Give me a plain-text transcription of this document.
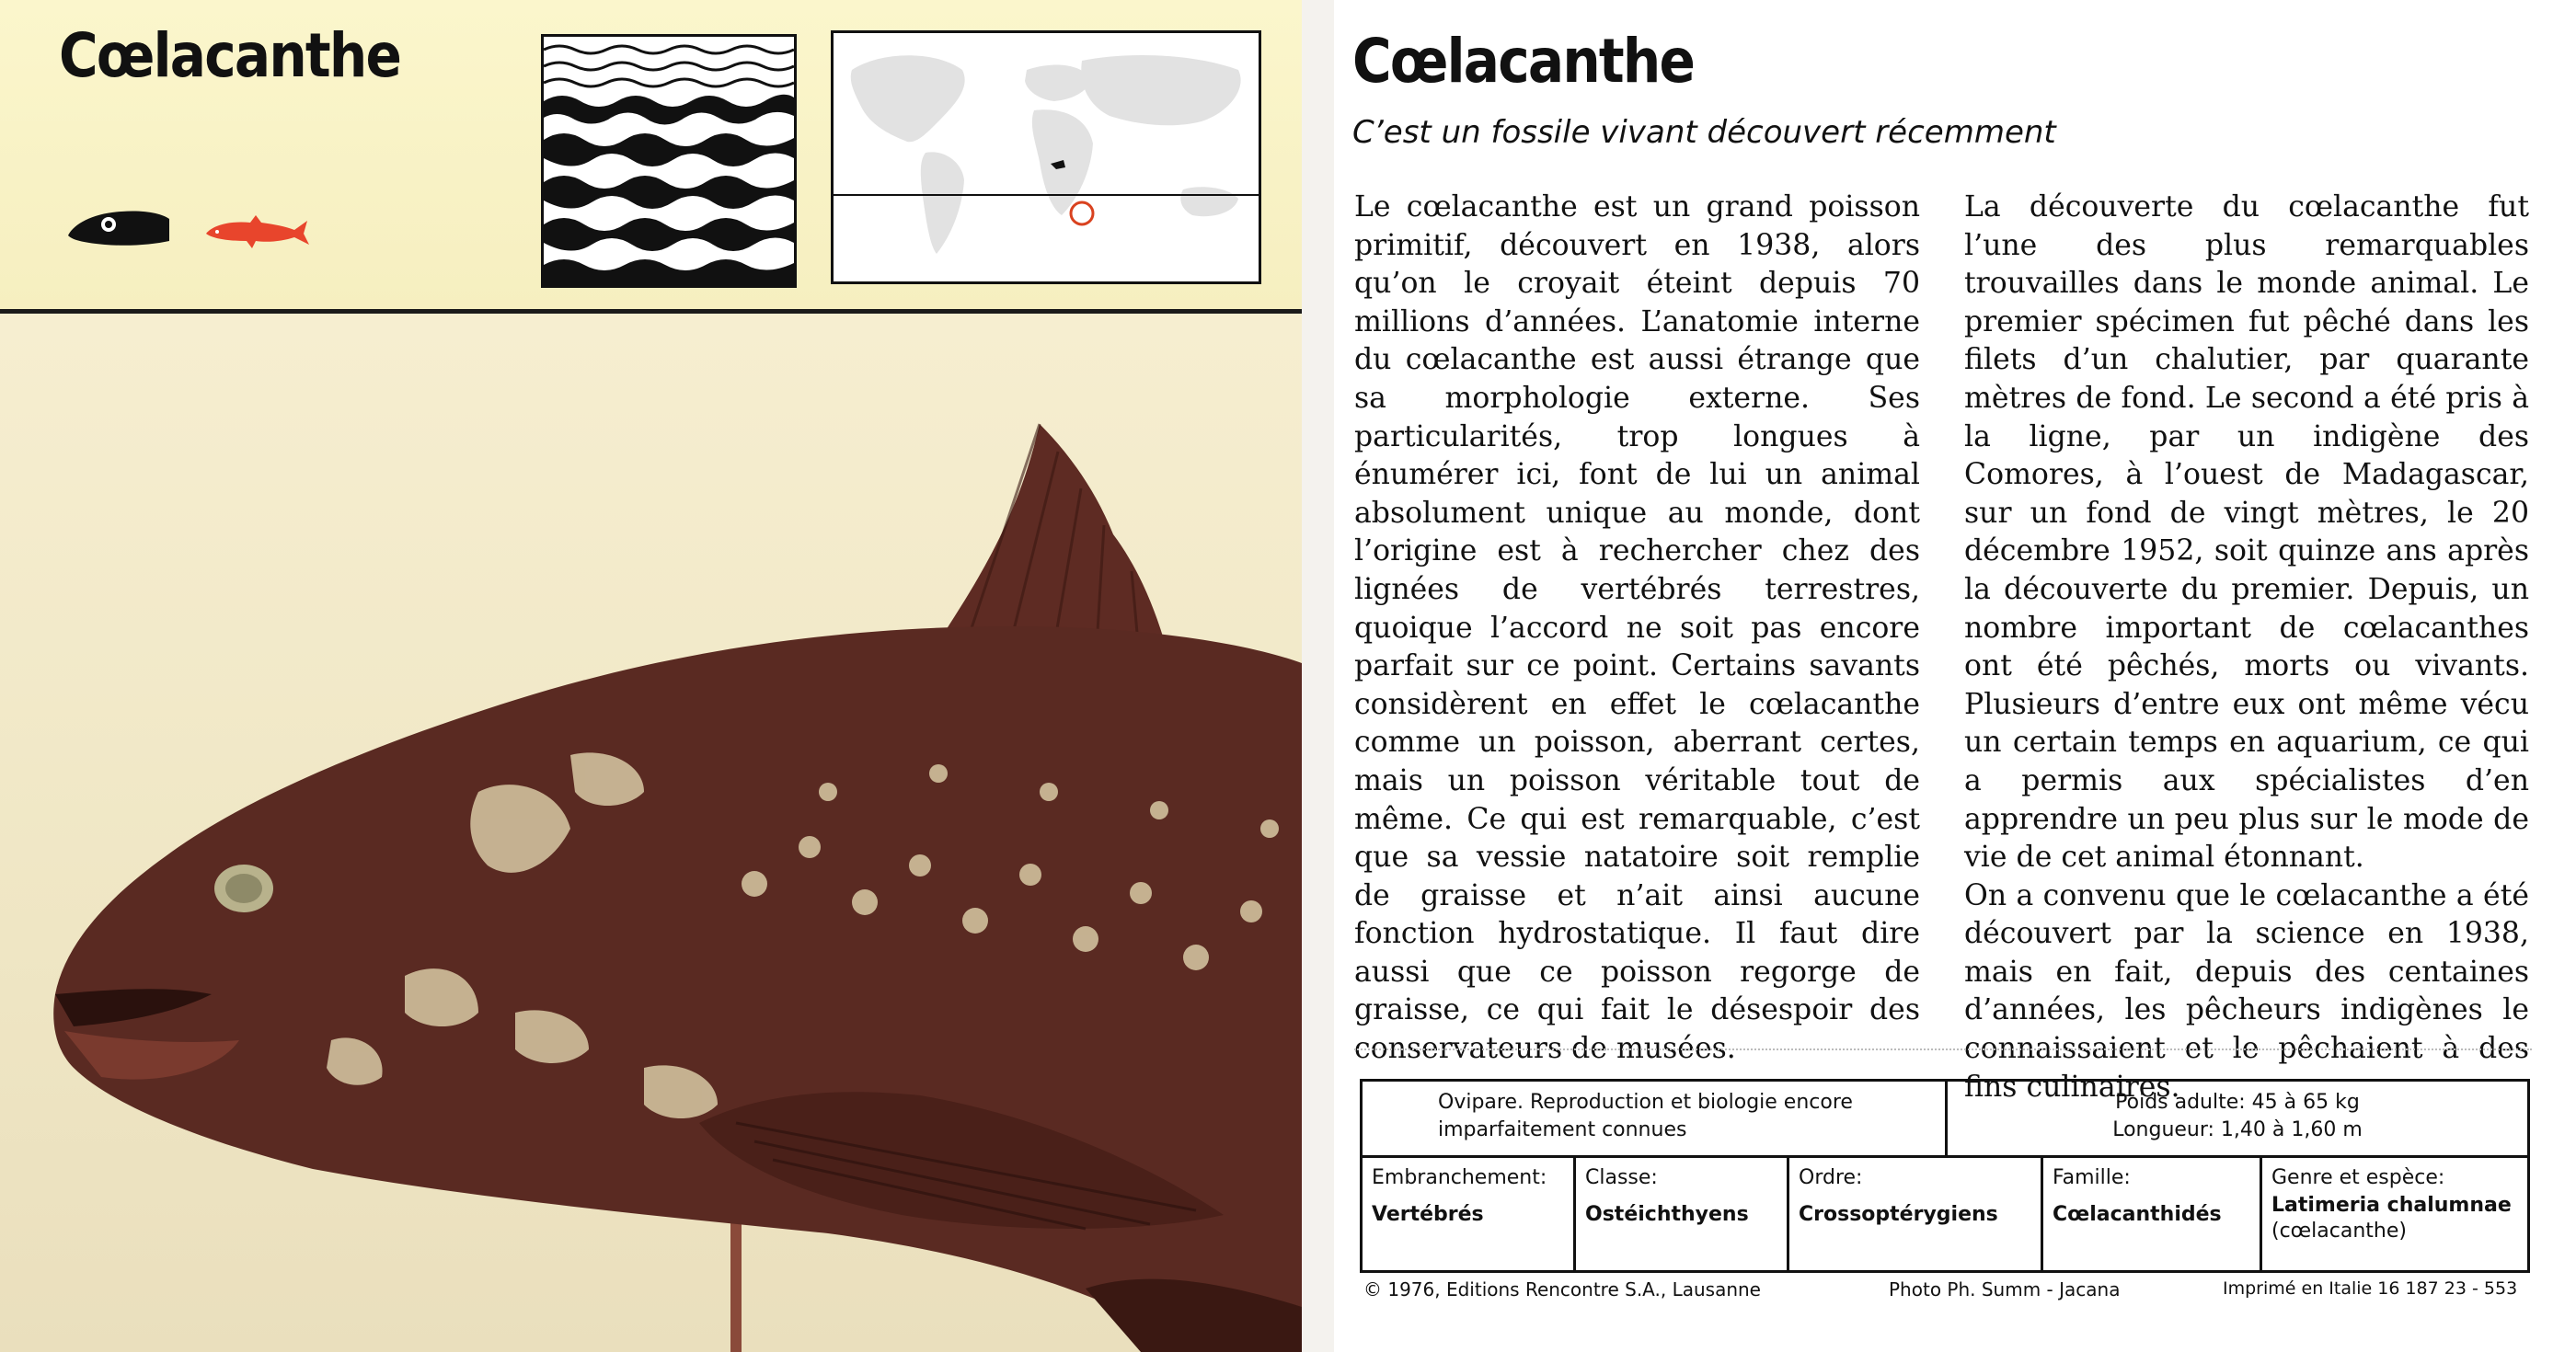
Cœlacanthe	Cœlacanthe
C’est un fossile vivant découvert récemment

Le cœlacanthe est un grand poisson primitif, découvert en 1938, alors qu’on le croyait éteint depuis 70 millions d’années. L’anatomie interne du cœlacanthe est aussi étrange que sa morphologie externe. Ses particularités, trop longues à énumérer ici, font de lui un animal absolument unique au monde, dont l’origine est à rechercher chez des lignées de vertébrés terrestres, quoique l’accord ne soit pas encore parfait sur ce point. Certains savants considèrent en effet le cœlacanthe comme un poisson, aberrant certes, mais un poisson véritable tout de même. Ce qui est remarquable, c’est que sa vessie natatoire soit remplie de graisse et n’ait ainsi aucune fonction hydrostatique. Il faut dire aussi que ce poisson regorge de graisse, ce qui fait le désespoir des conservateurs de musées.

La découverte du cœlacanthe fut l’une des plus remarquables trouvailles dans le monde animal. Le premier spécimen fut pêché dans les filets d’un chalutier, par quarante mètres de fond. Le second a été pris à la ligne, par un indigène des Comores, à l’ouest de Madagascar, sur un fond de vingt mètres, le 20 décembre 1952, soit quinze ans après la découverte du premier. Depuis, un nombre important de cœlacanthes ont été pêchés, morts ou vivants. Plusieurs d’entre eux ont même vécu un certain temps en aquarium, ce qui a permis aux spécialistes d’en apprendre un peu plus sur le mode de vie de cet animal étonnant.

On a convenu que le cœlacanthe a été découvert par la science en 1938, mais en fait, depuis des centaines d’années, les pêcheurs indigènes le connaissaient et le pêchaient à des fins culinaires.

Ovipare. Reproduction et biologie encore
imparfaitement connues
Poids adulte: 45 à 65 kg
Longueur: 1,40 à 1,60 m
Embranchement:
Vertébrés
Classe:
Ostéichthyens
Ordre:
Crossoptérygiens
Famille:
Cœlacanthidés
Genre et espèce:
Latimeria chalumnae
(cœlacanthe)
© 1976, Editions Rencontre S.A., Lausanne	Photo Ph. Summ - Jacana	Imprimé en Italie 16 187 23 - 553
